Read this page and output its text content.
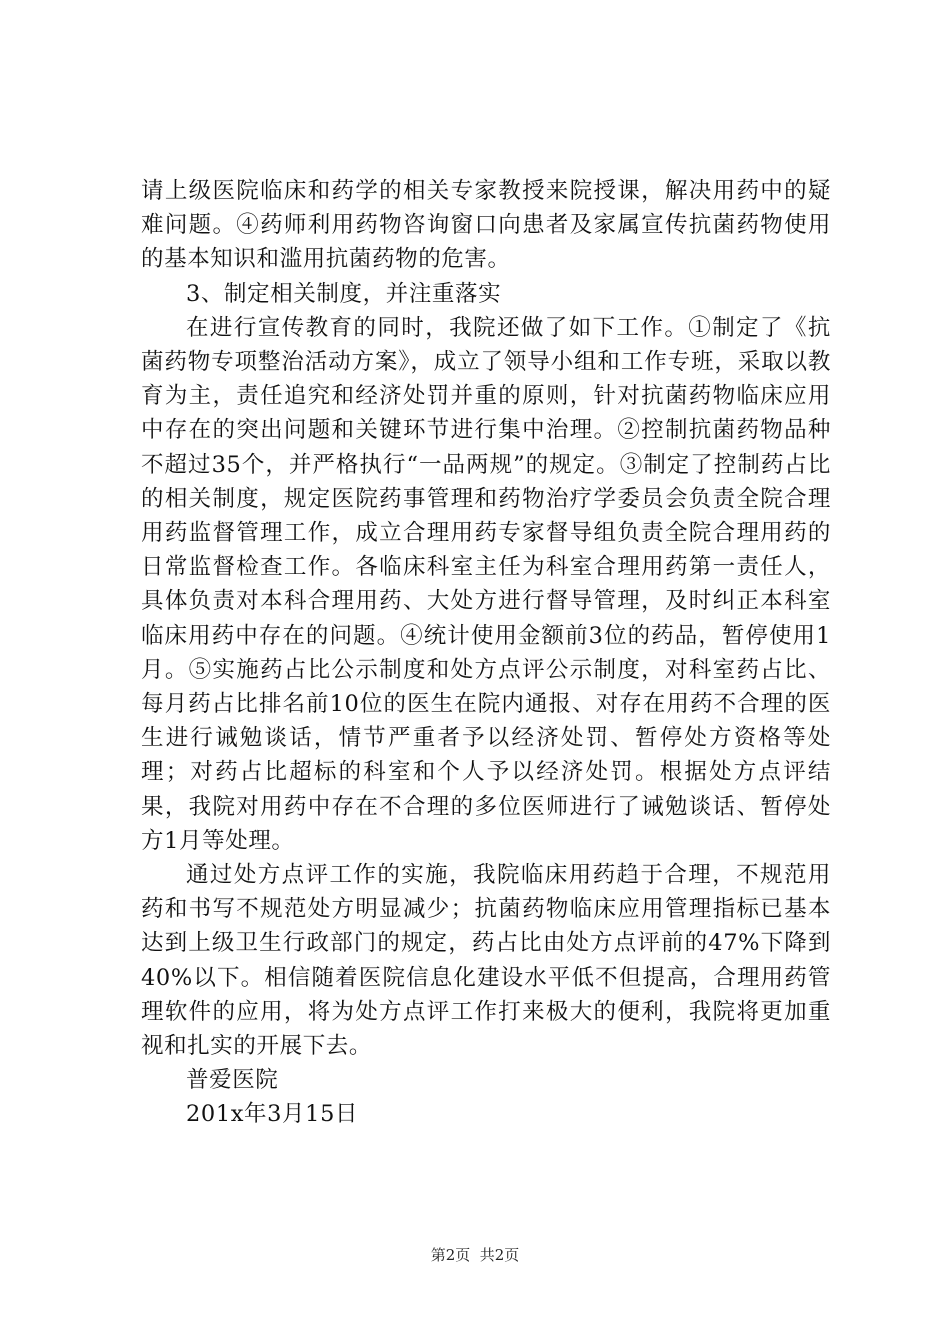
请上级医院临床和药学的相关专家教授来院授课，解决用药中的疑难问题。④药师利用药物咨询窗口向患者及家属宣传抗菌药物使用的基本知识和滥用抗菌药物的危害。

3、制定相关制度，并注重落实

在进行宣传教育的同时，我院还做了如下工作。①制定了《抗菌药物专项整治活动方案》，成立了领导小组和工作专班，采取以教育为主，责任追究和经济处罚并重的原则，针对抗菌药物临床应用中存在的突出问题和关键环节进行集中治理。②控制抗菌药物品种不超过35个，并严格执行“一品两规”的规定。③制定了控制药占比的相关制度，规定医院药事管理和药物治疗学委员会负责全院合理用药监督管理工作，成立合理用药专家督导组负责全院合理用药的日常监督检查工作。各临床科室主任为科室合理用药第一责任人，具体负责对本科合理用药、大处方进行督导管理，及时纠正本科室临床用药中存在的问题。④统计使用金额前3位的药品，暂停使用1月。⑤实施药占比公示制度和处方点评公示制度，对科室药占比、每月药占比排名前10位的医生在院内通报、对存在用药不合理的医生进行诫勉谈话，情节严重者予以经济处罚、暂停处方资格等处理；对药占比超标的科室和个人予以经济处罚。根据处方点评结果，我院对用药中存在不合理的多位医师进行了诫勉谈话、暂停处方1月等处理。

通过处方点评工作的实施，我院临床用药趋于合理，不规范用药和书写不规范处方明显减少；抗菌药物临床应用管理指标已基本达到上级卫生行政部门的规定，药占比由处方点评前的47%下降到40%以下。相信随着医院信息化建设水平低不但提高，合理用药管理软件的应用，将为处方点评工作打来极大的便利，我院将更加重视和扎实的开展下去。

普爱医院

201x年3月15日

第2页  共2页
